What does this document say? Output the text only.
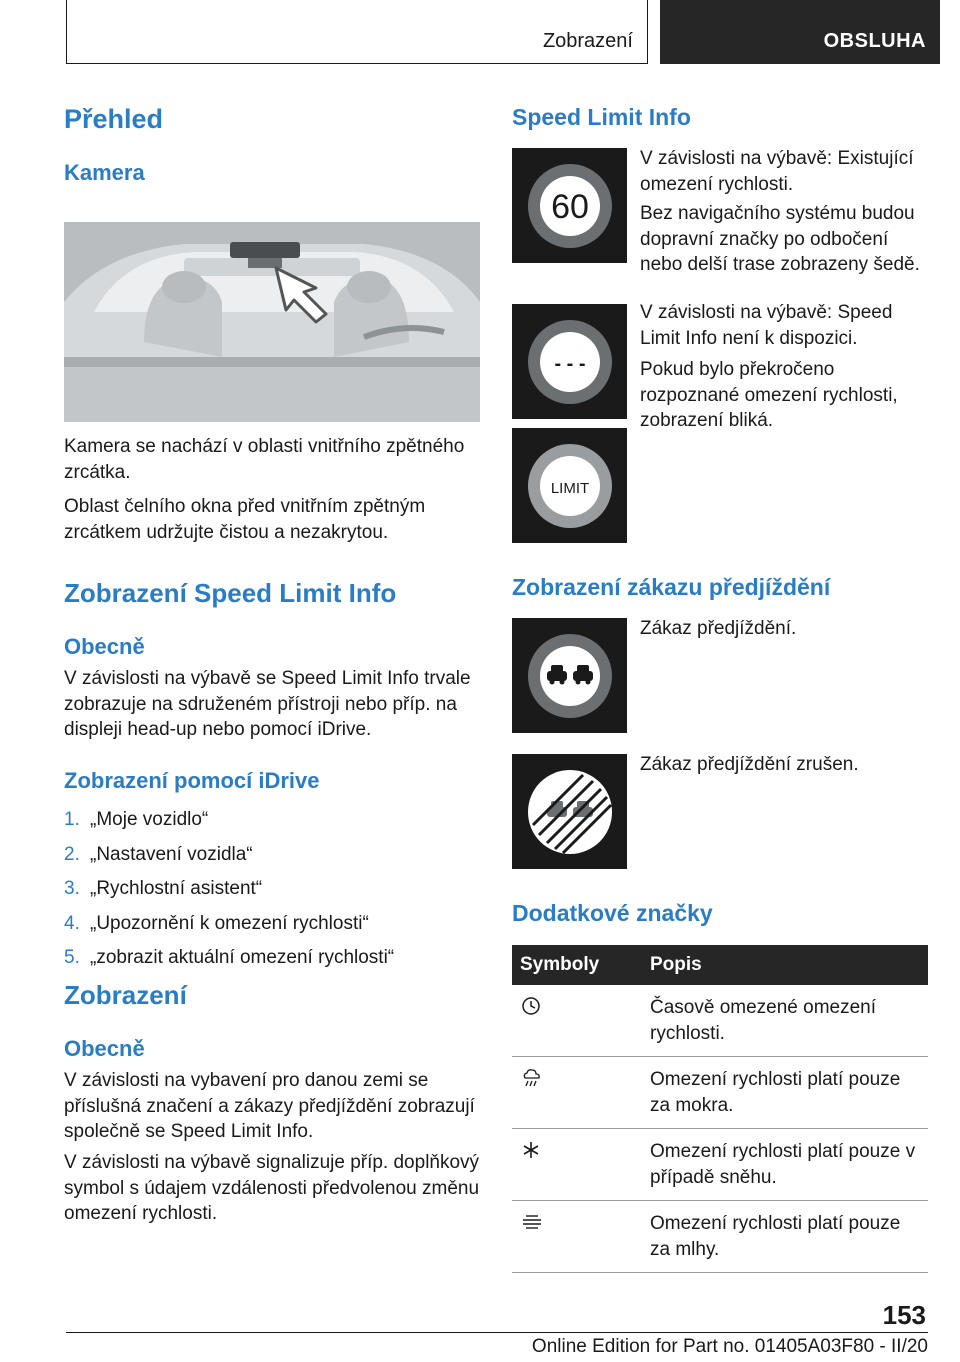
Zobrazení	OBSLUHA
Přehled
Kamera

Kamera se nachází v oblasti vnitřního zpětného zrcátka.

Oblast čelního okna před vnitřním zpětným zrcátkem udržujte čistou a nezakrytou.

Zobrazení Speed Limit Info
Obecně

V závislosti na výbavě se Speed Limit Info trvale zobrazuje na sdruženém přístroji nebo příp. na displeji head-up nebo pomocí iDrive.

Zobrazení pomocí iDrive
1. „Moje vozidlo“
2. „Nastavení vozidla“
3. „Rychlostní asistent“
4. „Upozornění k omezení rychlosti“
5. „zobrazit aktuální omezení rychlosti“
Zobrazení
Obecně

V závislosti na vybavení pro danou zemi se příslušná značení a zákazy předjíždění zobrazují společně se Speed Limit Info.

V závislosti na výbavě signalizuje příp. doplňkový symbol s údajem vzdálenosti předvolenou změnu omezení rychlosti.

Speed Limit Info
60

V závislosti na výbavě: Existující omezení rychlosti.

Bez navigačního systému budou dopravní značky po odbočení nebo delší trase zobrazeny šedě.

- - -

V závislosti na výbavě: Speed Limit Info není k dispozici.

Pokud bylo překročeno rozpoznané omezení rychlosti, zobrazení bliká.

LIMIT
Zobrazení zákazu předjíždění

Zákaz předjíždění.

Zákaz předjíždění zrušen.

Dodatkové značky
Symboly	Popis
	Časově omezené omezení rychlosti.
	Omezení rychlosti platí pouze za mokra.
	Omezení rychlosti platí pouze v případě sněhu.
	Omezení rychlosti platí pouze za mlhy.
153
Online Edition for Part no. 01405A03F80 - II/20
